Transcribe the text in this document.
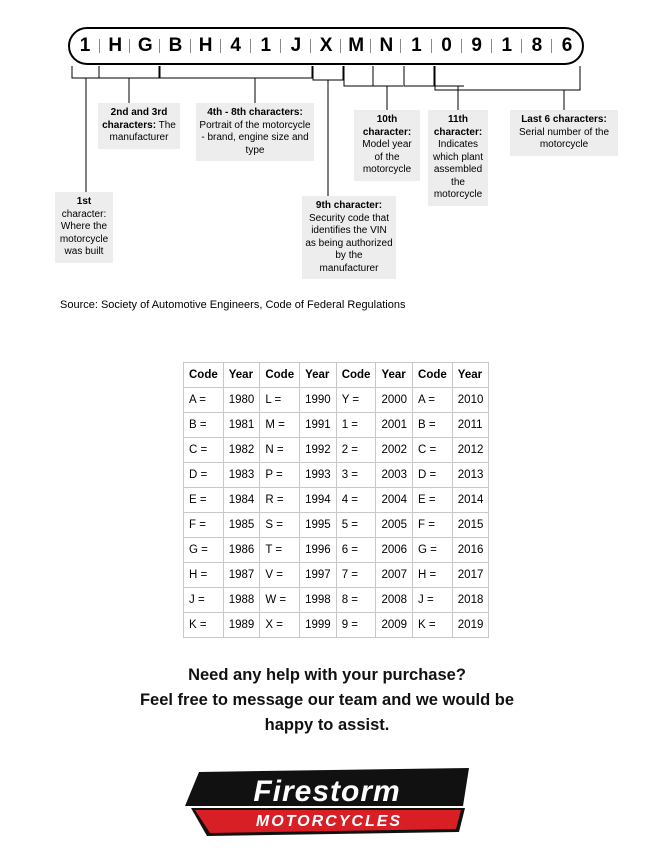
1 H G B H 4	1	J X M N 1	0	9	1	8	6
1st character: Where the motorcycle was built
2nd and 3rd characters: The manufacturer
4th - 8th characters: Portrait of the motorcycle - brand, engine size and type
9th character: Security code that identifies the VIN as being authorized by the manufacturer
10th character: Model year of the motorcycle
11th character: Indicates which plant assembled the motorcycle
Last 6 characters: Serial number of the motorcycle
Source: Society of Automotive Engineers, Code of Federal Regulations
Code	Year	Code	Year	Code	Year	Code	Year
A =	1980	L =	1990	Y =	2000	A =	2010
B =	1981	M =	1991	1 =	2001	B =	2011
C =	1982	N =	1992	2 =	2002	C =	2012
D =	1983	P =	1993	3 =	2003	D =	2013
E =	1984	R =	1994	4 =	2004	E =	2014
F =	1985	S =	1995	5 =	2005	F =	2015
G =	1986	T =	1996	6 =	2006	G =	2016
H =	1987	V =	1997	7 =	2007	H =	2017
J =	1988	W =	1998	8 =	2008	J =	2018
K =	1989	X =	1999	9 =	2009	K =	2019
Need any help with your purchase?
Feel free to message our team and we would be
happy to assist.
Firestorm
MOTORCYCLES
